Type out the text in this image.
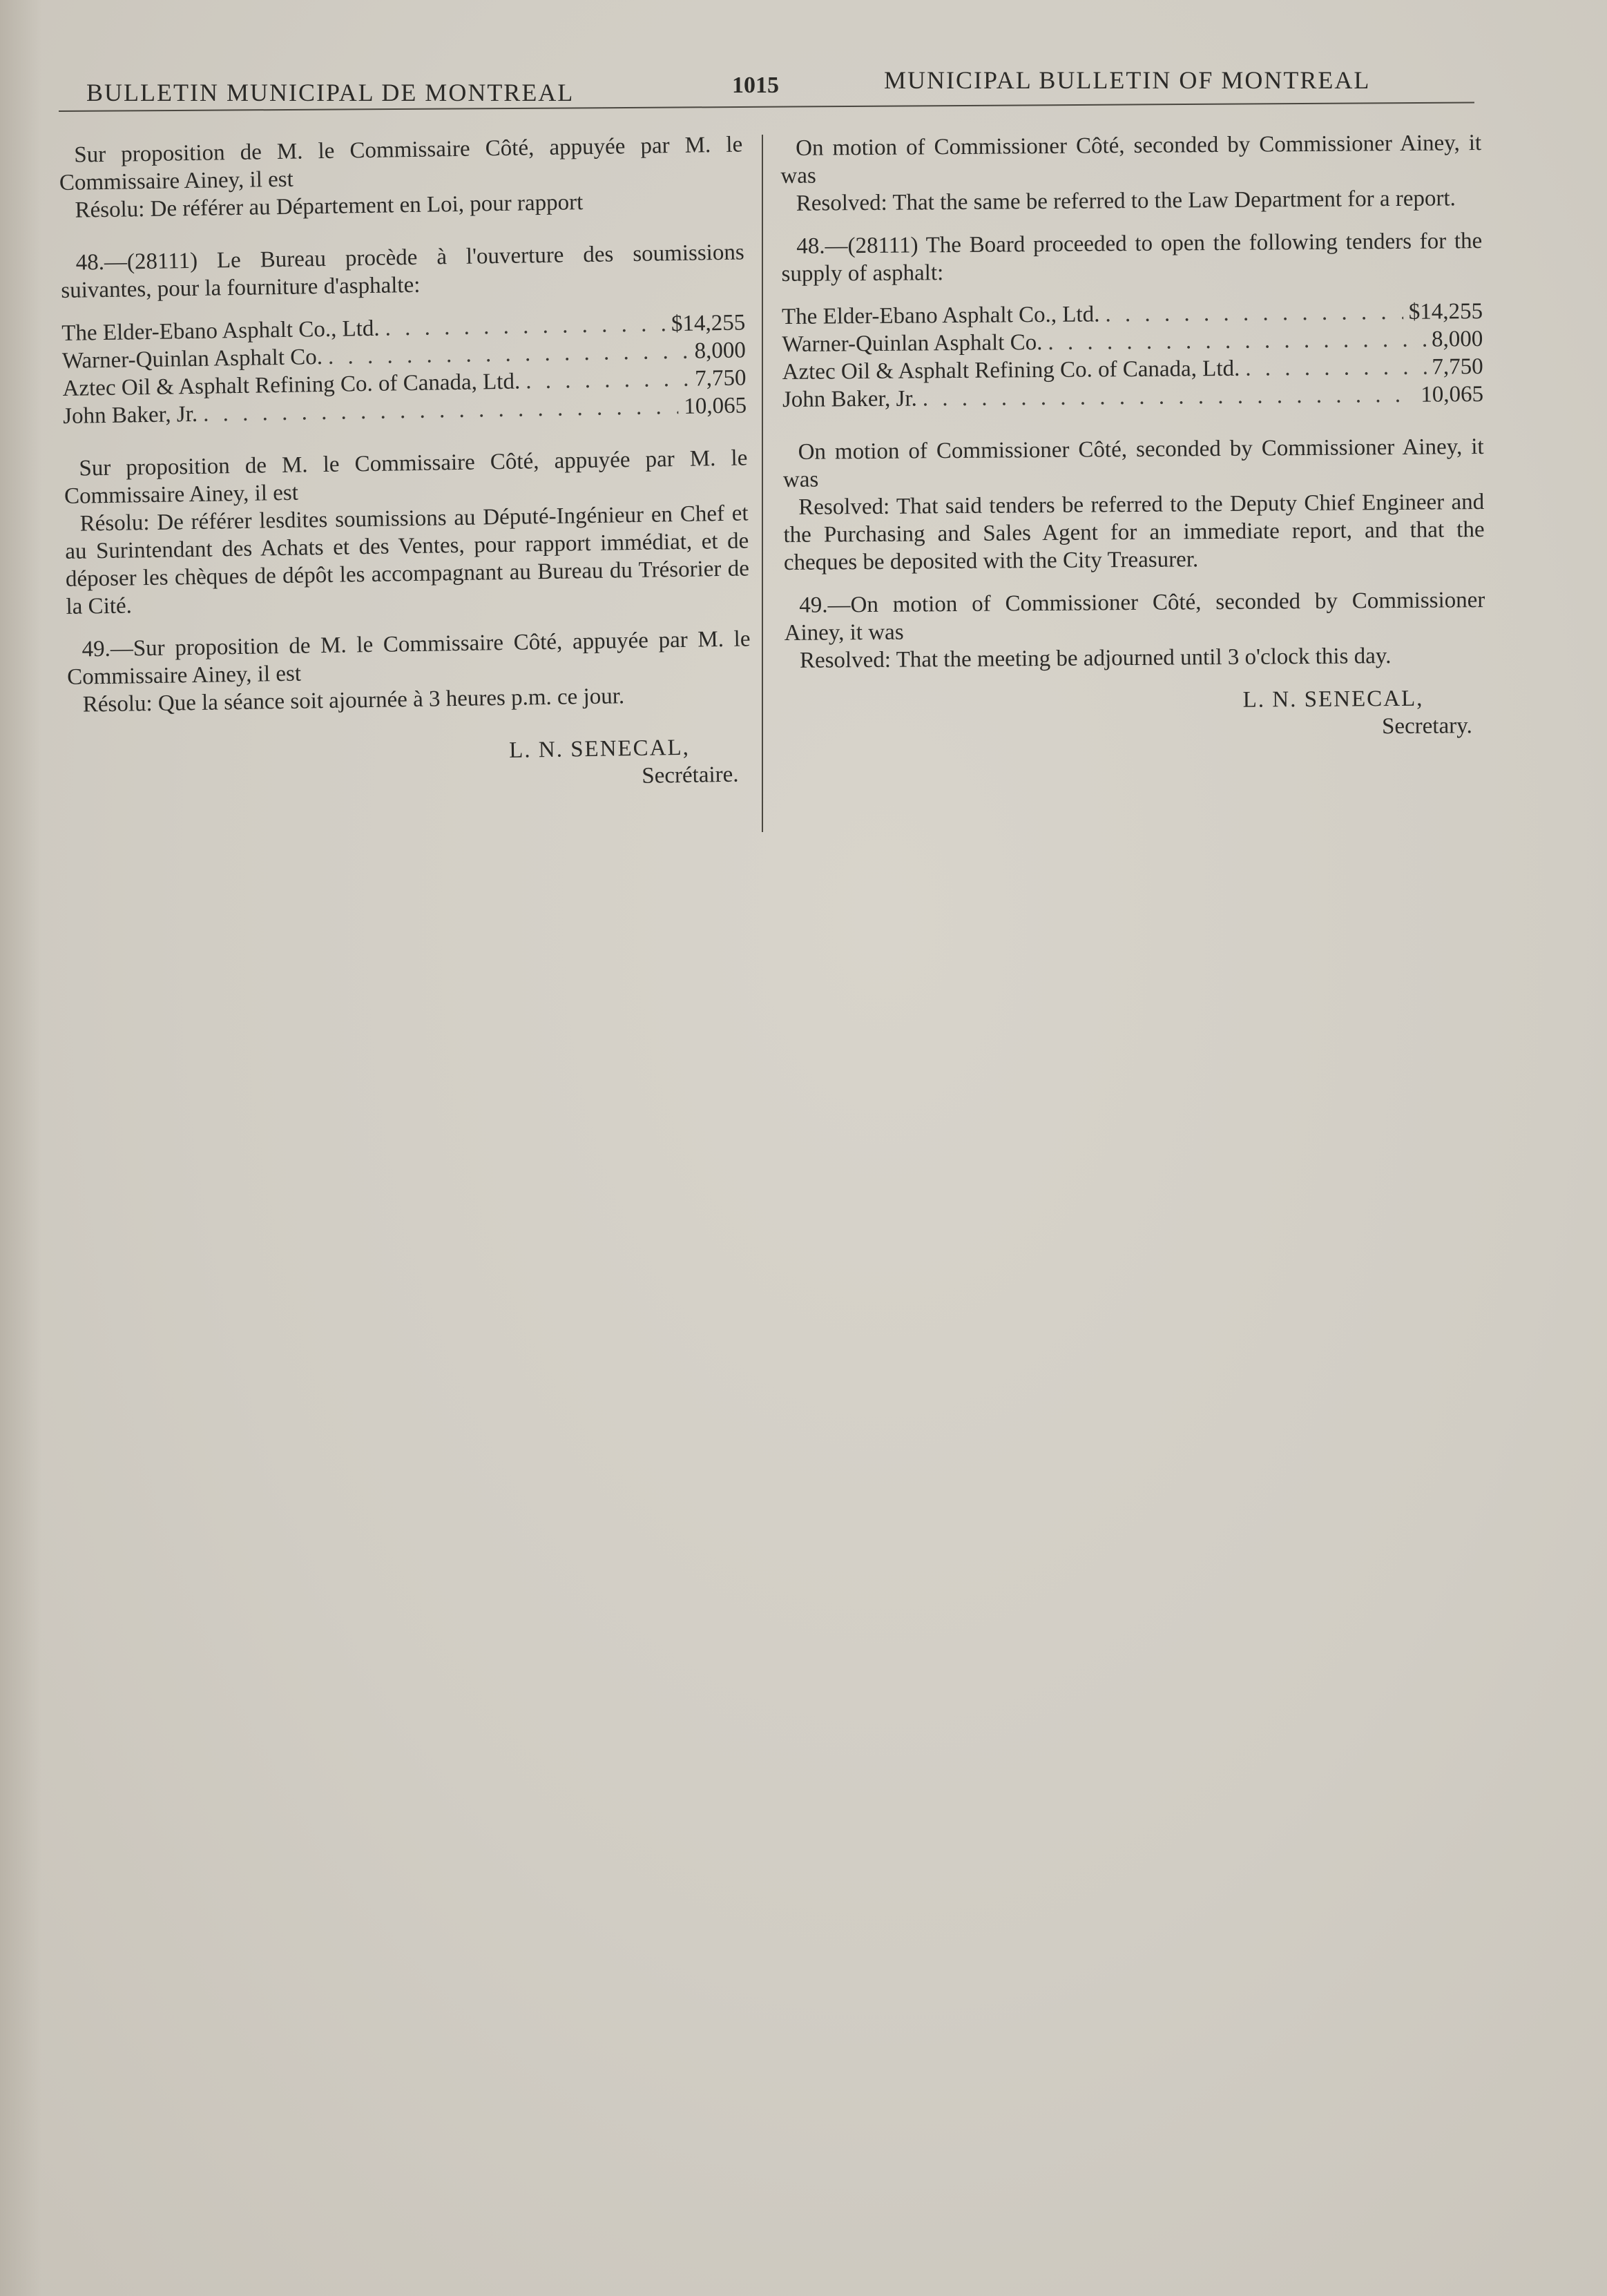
BULLETIN MUNICIPAL DE MONTREAL	1015	MUNICIPAL BULLETIN OF MONTREAL

Sur proposition de M. le Commissaire Côté, appuyée par M. le Commissaire Ainey, il est

Résolu: De référer au Département en Loi, pour rapport

48.—(28111) Le Bureau procède à l'ouverture des soumissions suivantes, pour la fourniture d'asphalte:

The Elder-Ebano Asphalt Co., Ltd. . . .	$14,255
Warner-Quinlan Asphalt Co. . . .	8,000
Aztec Oil & Asphalt Refining Co. of Canada, Ltd. . . .	7,750
John Baker, Jr. . . .	10,065

Sur proposition de M. le Commissaire Côté, appuyée par M. le Commissaire Ainey, il est

Résolu: De référer lesdites soumissions au Député-Ingénieur en Chef et au Surintendant des Achats et des Ventes, pour rapport immédiat, et de déposer les chèques de dépôt les accompagnant au Bureau du Trésorier de la Cité.

49.—Sur proposition de M. le Commissaire Côté, appuyée par M. le Commissaire Ainey, il est

Résolu: Que la séance soit ajournée à 3 heures p.m. ce jour.

L. N. SENECAL,
Secrétaire.

On motion of Commissioner Côté, seconded by Commissioner Ainey, it was

Resolved: That the same be referred to the Law Department for a report.

48.—(28111) The Board proceeded to open the following tenders for the supply of asphalt:

The Elder-Ebano Asphalt Co., Ltd. . . .	$14,255
Warner-Quinlan Asphalt Co. . . .	8,000
Aztec Oil & Asphalt Refining Co. of Canada, Ltd. . . .	7,750
John Baker, Jr. . . .	10,065

On motion of Commissioner Côté, seconded by Commissioner Ainey, it was

Resolved: That said tenders be referred to the Deputy Chief Engineer and the Purchasing and Sales Agent for an immediate report, and that the cheques be deposited with the City Treasurer.

49.—On motion of Commissioner Côté, seconded by Commissioner Ainey, it was

Resolved: That the meeting be adjourned until 3 o'clock this day.

L. N. SENECAL,
Secretary.
